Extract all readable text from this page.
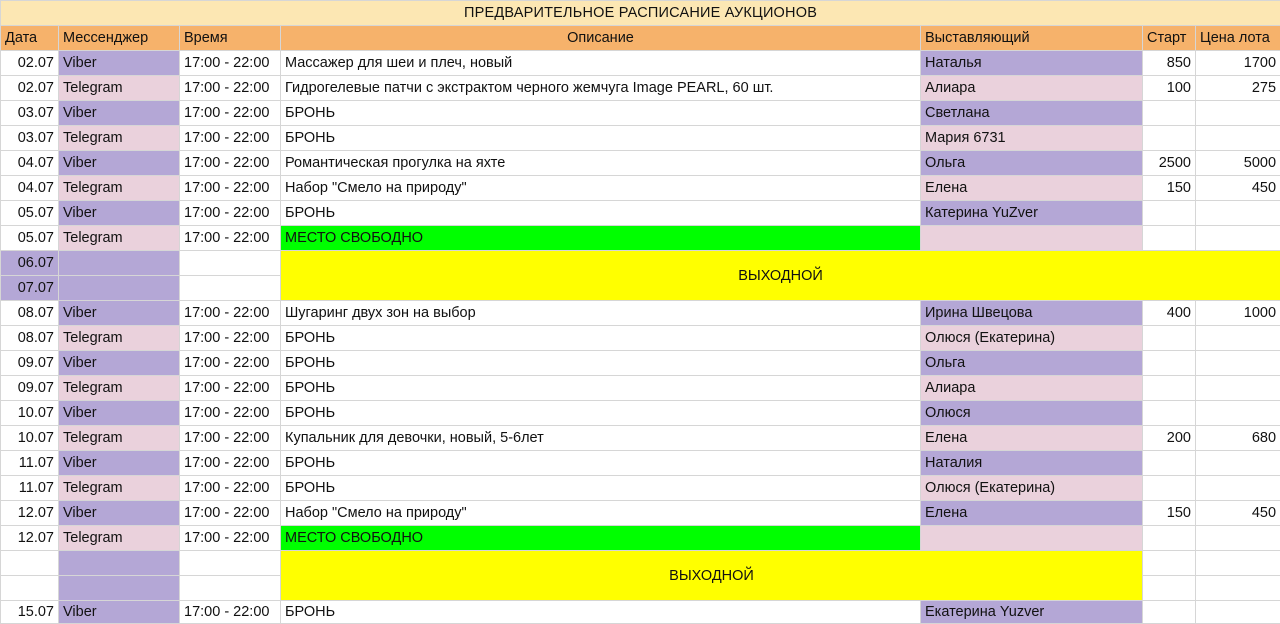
ПРЕДВАРИТЕЛЬНОЕ РАСПИСАНИЕ АУКЦИОНОВ						
Дата	Мессенджер	Время	Описание	Выставляющий	Старт	Цена лота
02.07	Viber	17:00 - 22:00	Массажер для шеи и плеч, новый	Наталья	850	1700
02.07	Telegram	17:00 - 22:00	Гидрогелевые патчи с экстрактом черного жемчуга Image PEARL, 60 шт.	Алиара	100	275
03.07	Viber	17:00 - 22:00	БРОНЬ	Светлана		
03.07	Telegram	17:00 - 22:00	БРОНЬ	Мария 6731		
04.07	Viber	17:00 - 22:00	Романтическая прогулка на яхте	Ольга	2500	5000
04.07	Telegram	17:00 - 22:00	Набор "Смело на природу"	Елена	150	450
05.07	Viber	17:00 - 22:00	БРОНЬ	Катерина YuZver		
05.07	Telegram	17:00 - 22:00	МЕСТО СВОБОДНО			
06.07			ВЫХОДНОЙ			
07.07						
08.07	Viber	17:00 - 22:00	Шугаринг двух зон на выбор	Ирина Швецова	400	1000
08.07	Telegram	17:00 - 22:00	БРОНЬ	Олюся (Екатерина)		
09.07	Viber	17:00 - 22:00	БРОНЬ	Ольга		
09.07	Telegram	17:00 - 22:00	БРОНЬ	Алиара		
10.07	Viber	17:00 - 22:00	БРОНЬ	Олюся		
10.07	Telegram	17:00 - 22:00	Купальник для девочки, новый, 5-6лет	Елена	200	680
11.07	Viber	17:00 - 22:00	БРОНЬ	Наталия		
11.07	Telegram	17:00 - 22:00	БРОНЬ	Олюся (Екатерина)		
12.07	Viber	17:00 - 22:00	Набор "Смело на природу"	Елена	150	450
12.07	Telegram	17:00 - 22:00	МЕСТО СВОБОДНО			
			ВЫХОДНОЙ			

15.07	Viber	17:00 - 22:00	БРОНЬ	Екатерина Yuzver		
